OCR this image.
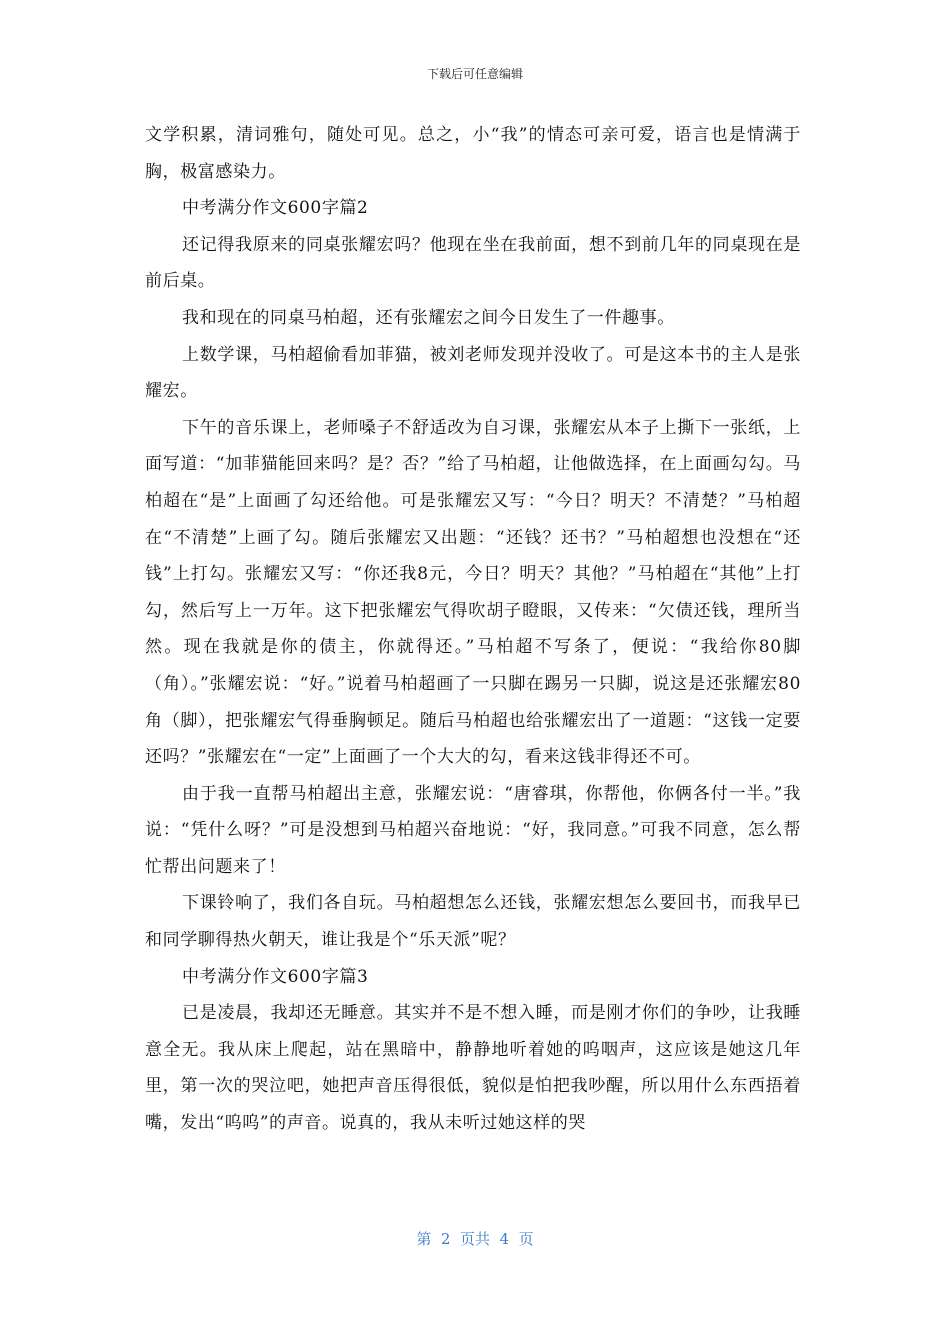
下载后可任意编辑

文学积累，清词雅句，随处可见。总之，小“我”的情态可亲可爱，语言也是情满于胸，极富感染力。

中考满分作文600字篇2

还记得我原来的同桌张耀宏吗？他现在坐在我前面，想不到前几年的同桌现在是前后桌。

我和现在的同桌马柏超，还有张耀宏之间今日发生了一件趣事。

上数学课，马柏超偷看加菲猫，被刘老师发现并没收了。可是这本书的主人是张耀宏。

下午的音乐课上，老师嗓子不舒适改为自习课，张耀宏从本子上撕下一张纸，上面写道：“加菲猫能回来吗？是？否？”给了马柏超，让他做选择，在上面画勾勾。马柏超在“是”上面画了勾还给他。可是张耀宏又写：“今日？明天？不清楚？”马柏超在“不清楚”上画了勾。随后张耀宏又出题：“还钱？还书？”马柏超想也没想在“还钱”上打勾。张耀宏又写：“你还我8元，今日？明天？其他？”马柏超在“其他”上打勾，然后写上一万年。这下把张耀宏气得吹胡子瞪眼，又传来：“欠债还钱，理所当然。现在我就是你的债主，你就得还。”马柏超不写条了，便说：“我给你80脚（角）。”张耀宏说：“好。”说着马柏超画了一只脚在踢另一只脚，说这是还张耀宏80角（脚），把张耀宏气得垂胸顿足。随后马柏超也给张耀宏出了一道题：“这钱一定要还吗？”张耀宏在“一定”上面画了一个大大的勾，看来这钱非得还不可。

由于我一直帮马柏超出主意，张耀宏说：“唐睿琪，你帮他，你俩各付一半。”我说：“凭什么呀？”可是没想到马柏超兴奋地说：“好，我同意。”可我不同意，怎么帮忙帮出问题来了！

下课铃响了，我们各自玩。马柏超想怎么还钱，张耀宏想怎么要回书，而我早已和同学聊得热火朝天，谁让我是个“乐天派”呢？

中考满分作文600字篇3

已是凌晨，我却还无睡意。其实并不是不想入睡，而是刚才你们的争吵，让我睡意全无。我从床上爬起，站在黑暗中，静静地听着她的呜咽声，这应该是她这几年里，第一次的哭泣吧，她把声音压得很低，貌似是怕把我吵醒，所以用什么东西捂着嘴，发出“呜呜”的声音。说真的，我从未听过她这样的哭

第  2  页共  4  页
